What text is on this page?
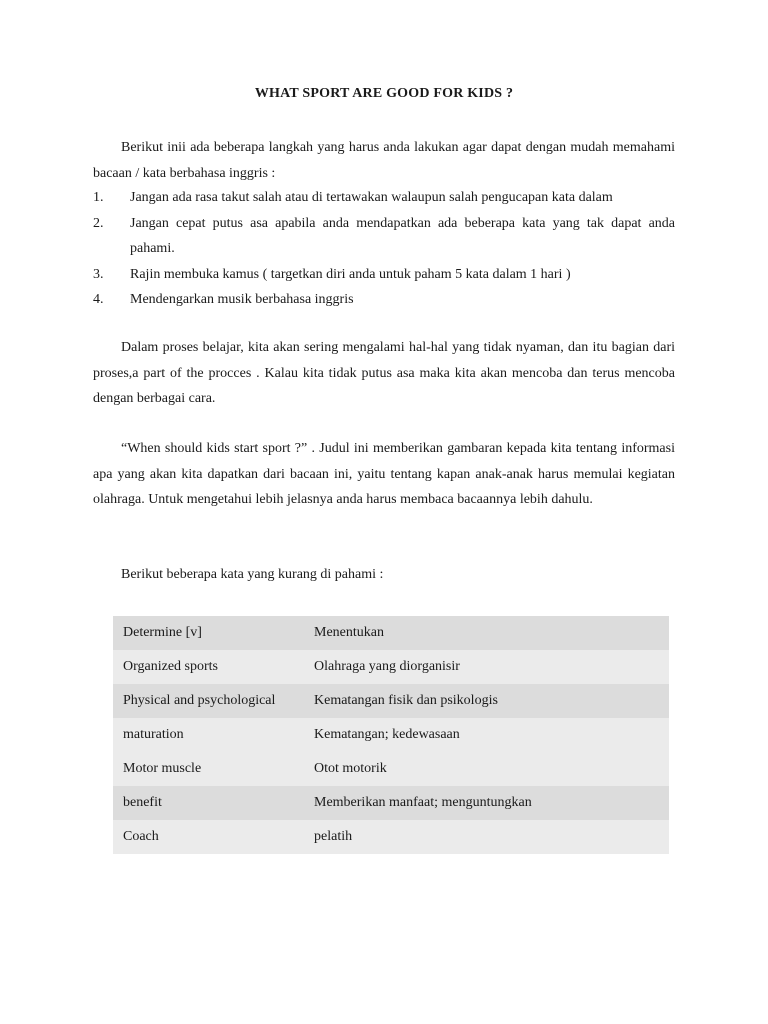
WHAT SPORT ARE GOOD FOR KIDS ?

Berikut inii ada beberapa langkah yang harus anda lakukan agar dapat dengan mudah memahami bacaan / kata berbahasa inggris :

1. Jangan ada rasa takut salah atau di tertawakan walaupun salah pengucapan kata dalam
2. Jangan cepat putus asa apabila anda mendapatkan ada beberapa kata yang tak dapat anda pahami.
3. Rajin membuka kamus ( targetkan diri anda untuk paham 5 kata dalam 1 hari )
4. Mendengarkan musik berbahasa inggris

Dalam proses belajar, kita akan sering mengalami hal-hal yang tidak nyaman, dan itu bagian dari proses,a part of the procces . Kalau kita tidak putus asa maka kita akan mencoba dan terus mencoba dengan berbagai cara.

“When should kids start sport ?” . Judul ini memberikan gambaran kepada kita tentang informasi apa yang akan kita dapatkan dari bacaan ini, yaitu tentang kapan anak-anak harus memulai kegiatan olahraga. Untuk mengetahui lebih jelasnya anda harus membaca bacaannya lebih dahulu.

Berikut beberapa kata yang kurang di pahami :

Determine [v]	Menentukan
Organized sports	Olahraga yang diorganisir
Physical and psychological	Kematangan fisik dan psikologis
maturation	Kematangan; kedewasaan
Motor muscle	Otot motorik
benefit	Memberikan manfaat; menguntungkan
Coach	pelatih
